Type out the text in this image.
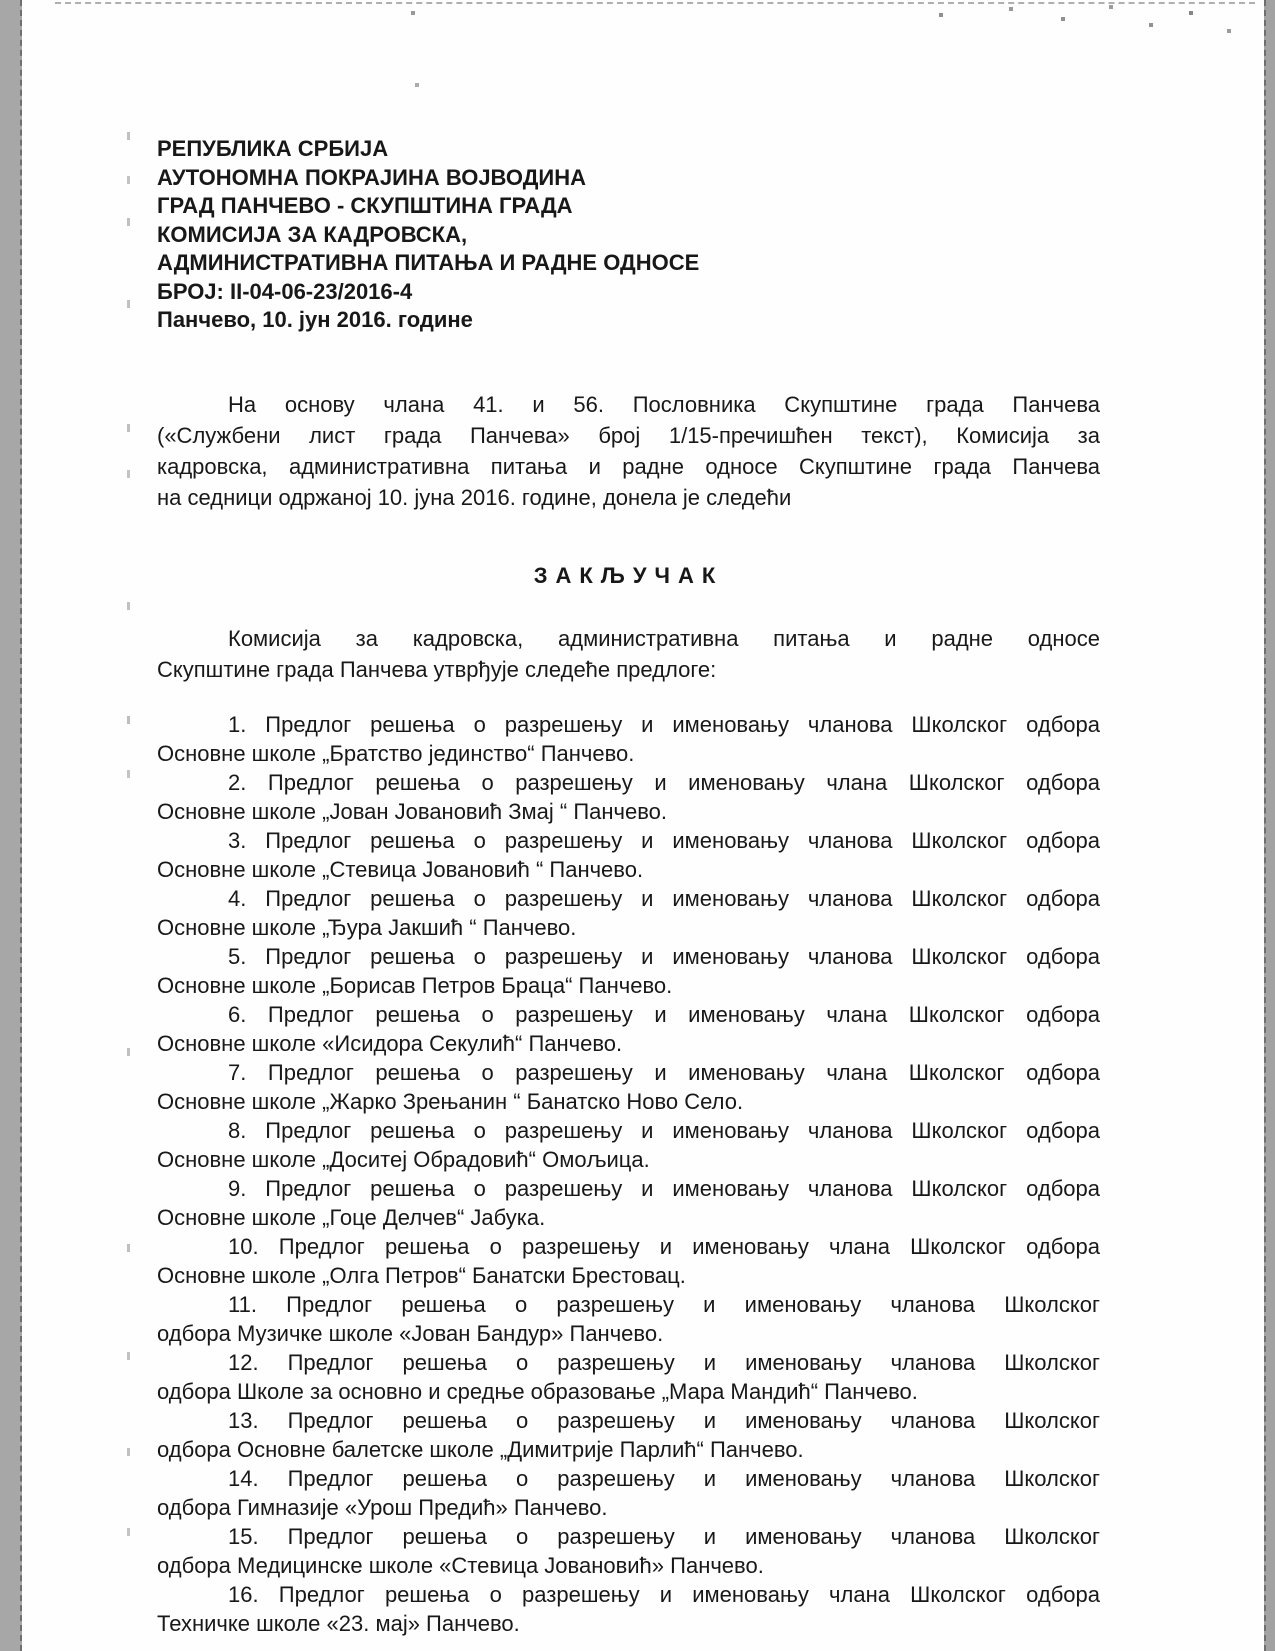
РЕПУБЛИКА СРБИЈА
АУТОНОМНА ПОКРАЈИНА ВОЈВОДИНА
ГРАД ПАНЧЕВО - СКУПШТИНА ГРАДА
КОМИСИЈА ЗА КАДРОВСКА,
АДМИНИСТРАТИВНА ПИТАЊА И РАДНЕ ОДНОСЕ
БРОЈ: II-04-06-23/2016-4
Панчево, 10. јун 2016. године
На основу члана 41. и 56. Пословника Скупштине града Панчева
(«Службени лист града Панчева» број 1/15-пречишћен текст), Комисија за
кадровска, административна питања и радне односе Скупштине града Панчева
на седници одржаној 10. јуна 2016. године, донела је следећи
ЗАКЉУЧАК
Комисија за кадровска, административна питања и радне односе
Скупштине града Панчева утврђује следеће предлоге:
1. Предлог решења о разрешењу и именовању чланова Школског одбора
Основне школе „Братство јединство“ Панчево.
2. Предлог решења о разрешењу и именовању члана Школског одбора
Основне школе „Јован Јовановић Змај “ Панчево.
3. Предлог решења о разрешењу и именовању чланова Школског одбора
Основне школе „Стевица Јовановић “ Панчево.
4. Предлог решења о разрешењу и именовању чланова Школског одбора
Основне школе „Ђура Јакшић “ Панчево.
5. Предлог решења о разрешењу и именовању чланова Школског одбора
Основне школе „Борисав Петров Браца“ Панчево.
6. Предлог решења о разрешењу и именовању члана Школског одбора
Основне школе «Исидора Секулић“ Панчево.
7. Предлог решења о разрешењу и именовању члана Школског одбора
Основне школе „Жарко Зрењанин “ Банатско Ново Село.
8. Предлог решења о разрешењу и именовању чланова Школског одбора
Основне школе „Доситеј Обрадовић“ Омољица.
9. Предлог решења о разрешењу и именовању чланова Школског одбора
Основне школе „Гоце Делчев“ Јабука.
10. Предлог решења о разрешењу и именовању члана Школског одбора
Основне школе „Олга Петров“ Банатски Брестовац.
11. Предлог решења о разрешењу и именовању чланова Школског
одбора Музичке школе «Јован Бандур» Панчево.
12. Предлог решења о разрешењу и именовању чланова Школског
одбора Школе за основно и средње образовање „Мара Мандић“ Панчево.
13. Предлог решења о разрешењу и именовању чланова Школског
одбора Основне балетске школе „Димитрије Парлић“ Панчево.
14. Предлог решења о разрешењу и именовању чланова Школског
одбора Гимназије «Урош Предић» Панчево.
15. Предлог решења о разрешењу и именовању чланова Школског
одбора Медицинске школе «Стевица Јовановић» Панчево.
16. Предлог решења о разрешењу и именовању члана Школског одбора
Техничке школе «23. мај» Панчево.
